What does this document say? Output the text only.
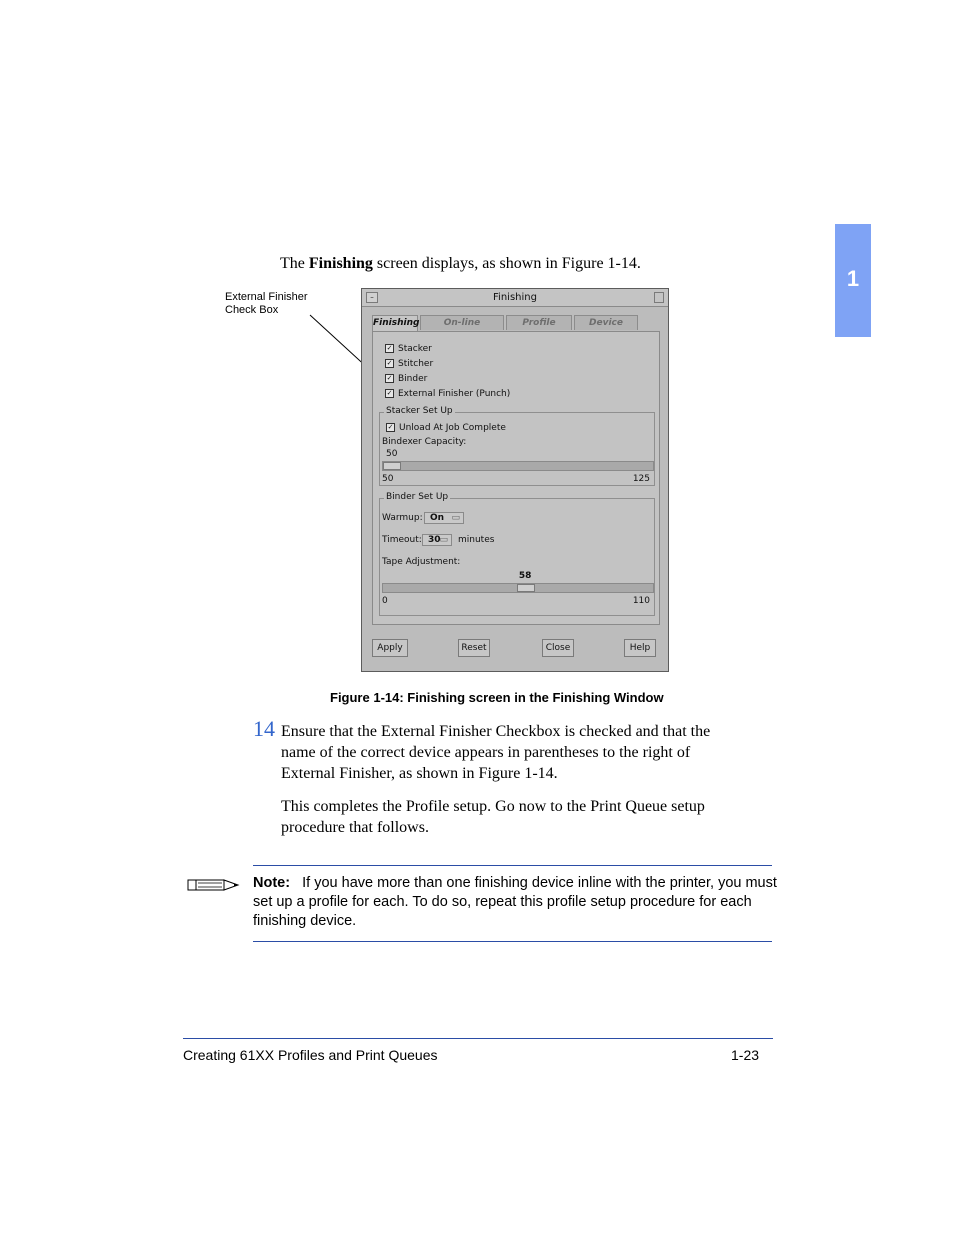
1
The Finishing screen displays, as shown in Figure 1-14.
External Finisher
Check Box
–	Finishing
Finishing	On-line	Profile	Device
✓ Stacker
✓ Stitcher
✓ Binder
✓ External Finisher (Punch)
Stacker Set Up
✓ Unload At Job Complete
Bindexer Capacity:
50
50	125
Binder Set Up
Warmup: On ▭
Timeout: 30
▭ minutes
Tape Adjustment:
58
0	110
Apply	Reset	Close	Help
Figure 1-14: Finishing screen in the Finishing Window
14 Ensure that the External Finisher Checkbox is checked and that the
name of the correct device appears in parentheses to the right of
External Finisher, as shown in Figure 1-14.
This completes the Profile setup. Go now to the Print Queue setup
procedure that follows.
Note: If you have more than one finishing device inline with the printer, you must set up a profile for each. To do so, repeat this profile setup procedure for each finishing device.
Creating 61XX Profiles and Print Queues	1-23
